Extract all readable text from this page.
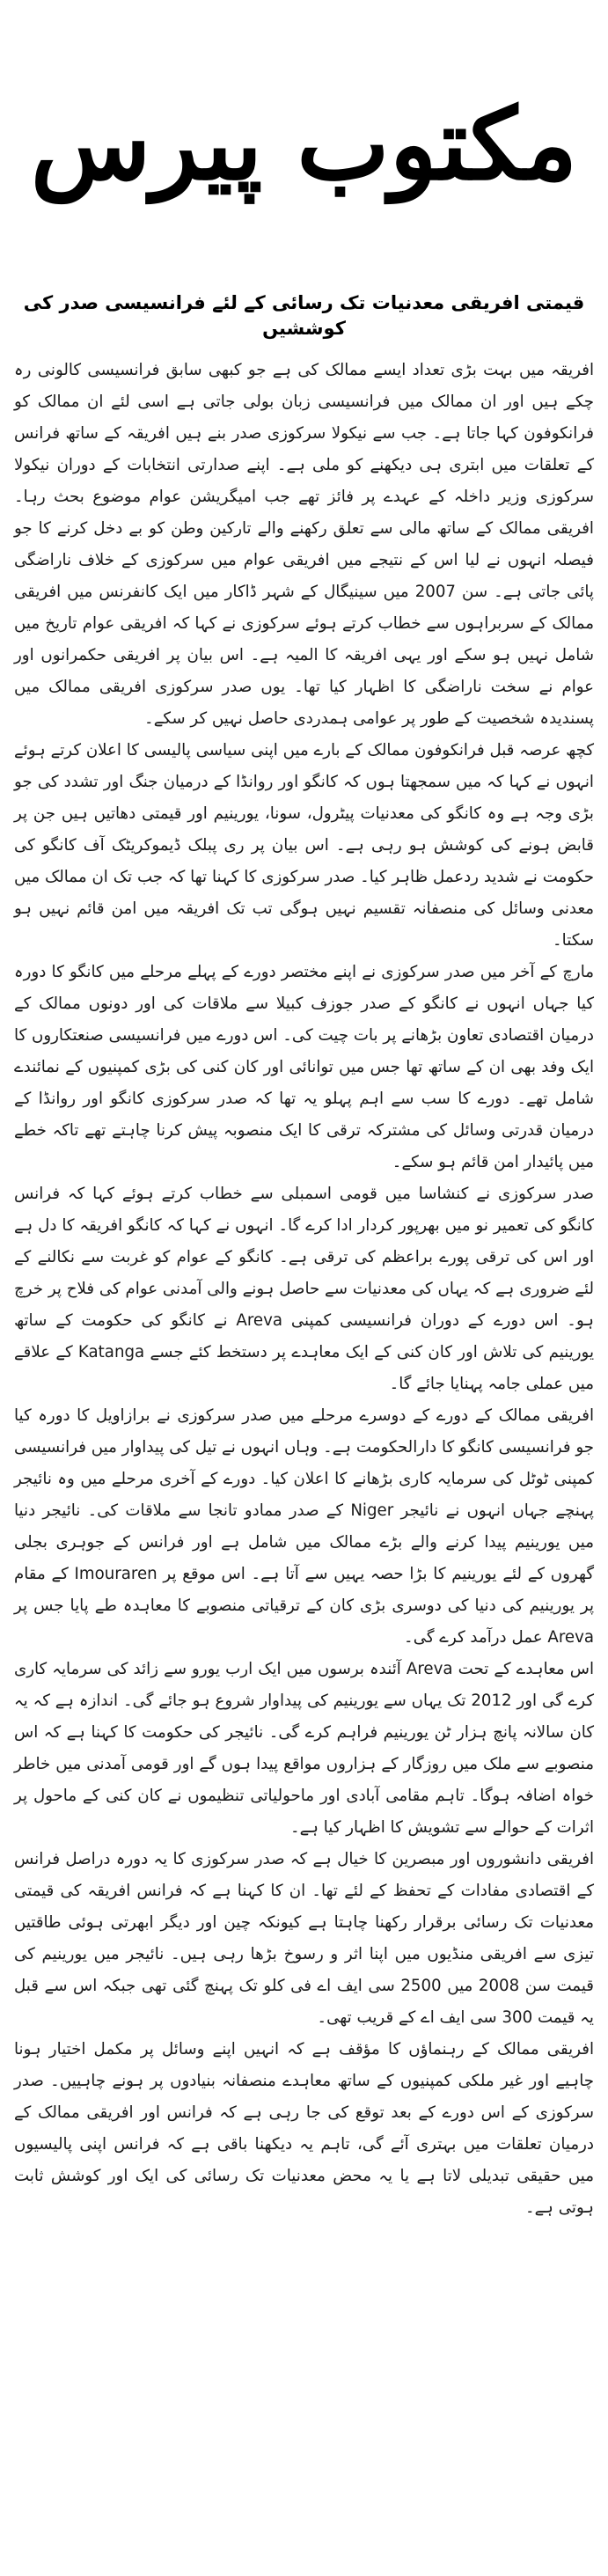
مکتوب پیرس
قیمتی افریقی معدنیات تک رسائی کے لئے فرانسیسی صدر کی کوششیں

افریقہ میں بہت بڑی تعداد ایسے ممالک کی ہے جو کبھی سابق فرانسیسی کالونی رہ چکے ہیں اور ان ممالک میں فرانسیسی زبان بولی جاتی ہے اسی لئے ان ممالک کو فرانکوفون کہا جاتا ہے۔ جب سے نیکولا سرکوزی صدر بنے ہیں افریقہ کے ساتھ فرانس کے تعلقات میں ابتری ہی دیکھنے کو ملی ہے۔ اپنے صدارتی انتخابات کے دوران نیکولا سرکوزی وزیر داخلہ کے عہدے پر فائز تھے جب امیگریشن عوام موضوع بحث رہا۔ افریقی ممالک کے ساتھ مالی سے تعلق رکھنے والے تارکین وطن کو بے دخل کرنے کا جو فیصلہ انہوں نے لیا اس کے نتیجے میں افریقی عوام میں سرکوزی کے خلاف ناراضگی پائی جاتی ہے۔ سن 2007 میں سینیگال کے شہر ڈاکار میں ایک کانفرنس میں افریقی ممالک کے سربراہوں سے خطاب کرتے ہوئے سرکوزی نے کہا کہ افریقی عوام تاریخ میں شامل نہیں ہو سکے اور یہی افریقہ کا المیہ ہے۔ اس بیان پر افریقی حکمرانوں اور عوام نے سخت ناراضگی کا اظہار کیا تھا۔ یوں صدر سرکوزی افریقی ممالک میں پسندیدہ شخصیت کے طور پر عوامی ہمدردی حاصل نہیں کر سکے۔

کچھ عرصہ قبل فرانکوفون ممالک کے بارے میں اپنی سیاسی پالیسی کا اعلان کرتے ہوئے انہوں نے کہا کہ میں سمجھتا ہوں کہ کانگو اور روانڈا کے درمیان جنگ اور تشدد کی جو بڑی وجہ ہے وہ کانگو کی معدنیات پیٹرول، سونا، یورینیم اور قیمتی دھاتیں ہیں جن پر قابض ہونے کی کوشش ہو رہی ہے۔ اس بیان پر ری پبلک ڈیموکریٹک آف کانگو کی حکومت نے شدید ردعمل ظاہر کیا۔ صدر سرکوزی کا کہنا تھا کہ جب تک ان ممالک میں معدنی وسائل کی منصفانہ تقسیم نہیں ہوگی تب تک افریقہ میں امن قائم نہیں ہو سکتا۔

مارچ کے آخر میں صدر سرکوزی نے اپنے مختصر دورے کے پہلے مرحلے میں کانگو کا دورہ کیا جہاں انہوں نے کانگو کے صدر جوزف کبیلا سے ملاقات کی اور دونوں ممالک کے درمیان اقتصادی تعاون بڑھانے پر بات چیت کی۔ اس دورے میں فرانسیسی صنعتکاروں کا ایک وفد بھی ان کے ساتھ تھا جس میں توانائی اور کان کنی کی بڑی کمپنیوں کے نمائندے شامل تھے۔ دورے کا سب سے اہم پہلو یہ تھا کہ صدر سرکوزی کانگو اور روانڈا کے درمیان قدرتی وسائل کی مشترکہ ترقی کا ایک منصوبہ پیش کرنا چاہتے تھے تاکہ خطے میں پائیدار امن قائم ہو سکے۔

صدر سرکوزی نے کنشاسا میں قومی اسمبلی سے خطاب کرتے ہوئے کہا کہ فرانس کانگو کی تعمیر نو میں بھرپور کردار ادا کرے گا۔ انہوں نے کہا کہ کانگو افریقہ کا دل ہے اور اس کی ترقی پورے براعظم کی ترقی ہے۔ کانگو کے عوام کو غربت سے نکالنے کے لئے ضروری ہے کہ یہاں کی معدنیات سے حاصل ہونے والی آمدنی عوام کی فلاح پر خرچ ہو۔ اس دورے کے دوران فرانسیسی کمپنی Areva نے کانگو کی حکومت کے ساتھ یورینیم کی تلاش اور کان کنی کے ایک معاہدے پر دستخط کئے جسے Katanga کے علاقے میں عملی جامہ پہنایا جائے گا۔

افریقی ممالک کے دورے کے دوسرے مرحلے میں صدر سرکوزی نے برازاویل کا دورہ کیا جو فرانسیسی کانگو کا دارالحکومت ہے۔ وہاں انہوں نے تیل کی پیداوار میں فرانسیسی کمپنی ٹوٹل کی سرمایہ کاری بڑھانے کا اعلان کیا۔ دورے کے آخری مرحلے میں وہ نائیجر پہنچے جہاں انہوں نے نائیجر Niger کے صدر ممادو تانجا سے ملاقات کی۔ نائیجر دنیا میں یورینیم پیدا کرنے والے بڑے ممالک میں شامل ہے اور فرانس کے جوہری بجلی گھروں کے لئے یورینیم کا بڑا حصہ یہیں سے آتا ہے۔ اس موقع پر Imouraren کے مقام پر یورینیم کی دنیا کی دوسری بڑی کان کے ترقیاتی منصوبے کا معاہدہ طے پایا جس پر Areva عمل درآمد کرے گی۔

اس معاہدے کے تحت Areva آئندہ برسوں میں ایک ارب یورو سے زائد کی سرمایہ کاری کرے گی اور 2012 تک یہاں سے یورینیم کی پیداوار شروع ہو جائے گی۔ اندازہ ہے کہ یہ کان سالانہ پانچ ہزار ٹن یورینیم فراہم کرے گی۔ نائیجر کی حکومت کا کہنا ہے کہ اس منصوبے سے ملک میں روزگار کے ہزاروں مواقع پیدا ہوں گے اور قومی آمدنی میں خاطر خواہ اضافہ ہوگا۔ تاہم مقامی آبادی اور ماحولیاتی تنظیموں نے کان کنی کے ماحول پر اثرات کے حوالے سے تشویش کا اظہار کیا ہے۔

افریقی دانشوروں اور مبصرین کا خیال ہے کہ صدر سرکوزی کا یہ دورہ دراصل فرانس کے اقتصادی مفادات کے تحفظ کے لئے تھا۔ ان کا کہنا ہے کہ فرانس افریقہ کی قیمتی معدنیات تک رسائی برقرار رکھنا چاہتا ہے کیونکہ چین اور دیگر ابھرتی ہوئی طاقتیں تیزی سے افریقی منڈیوں میں اپنا اثر و رسوخ بڑھا رہی ہیں۔ نائیجر میں یورینیم کی قیمت سن 2008 میں 2500 سی ایف اے فی کلو تک پہنچ گئی تھی جبکہ اس سے قبل یہ قیمت 300 سی ایف اے کے قریب تھی۔

افریقی ممالک کے رہنماؤں کا مؤقف ہے کہ انہیں اپنے وسائل پر مکمل اختیار ہونا چاہیے اور غیر ملکی کمپنیوں کے ساتھ معاہدے منصفانہ بنیادوں پر ہونے چاہییں۔ صدر سرکوزی کے اس دورے کے بعد توقع کی جا رہی ہے کہ فرانس اور افریقی ممالک کے درمیان تعلقات میں بہتری آئے گی، تاہم یہ دیکھنا باقی ہے کہ فرانس اپنی پالیسیوں میں حقیقی تبدیلی لاتا ہے یا یہ محض معدنیات تک رسائی کی ایک اور کوشش ثابت ہوتی ہے۔
